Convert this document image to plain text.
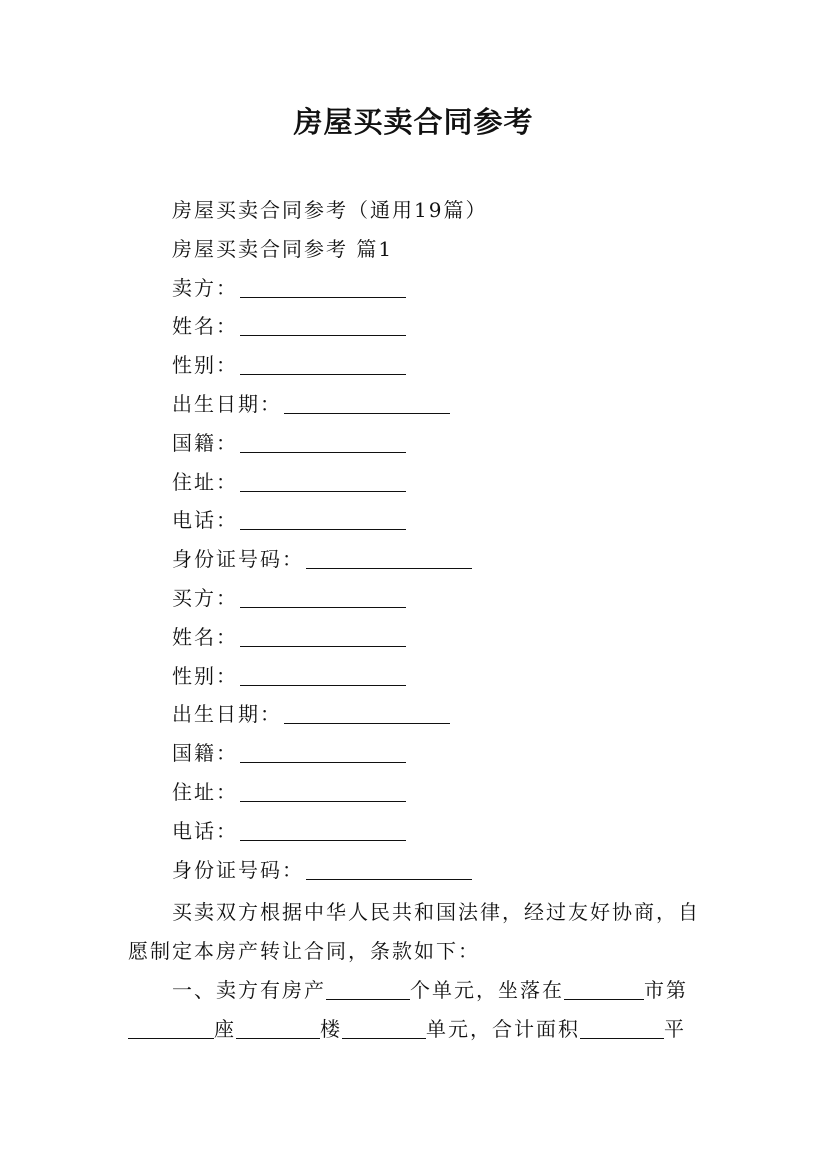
房屋买卖合同参考
房屋买卖合同参考（通用19篇）
房屋买卖合同参考 篇1
卖方：
姓名：
性别：
出生日期：
国籍：
住址：
电话：
身份证号码：
买方：
姓名：
性别：
出生日期：
国籍：
住址：
电话：
身份证号码：
买卖双方根据中华人民共和国法律，经过友好协商，自
愿制定本房产转让合同，条款如下：
一、卖方有房产	个单元，坐落在	市第
座	楼	单元，合计面积	平
